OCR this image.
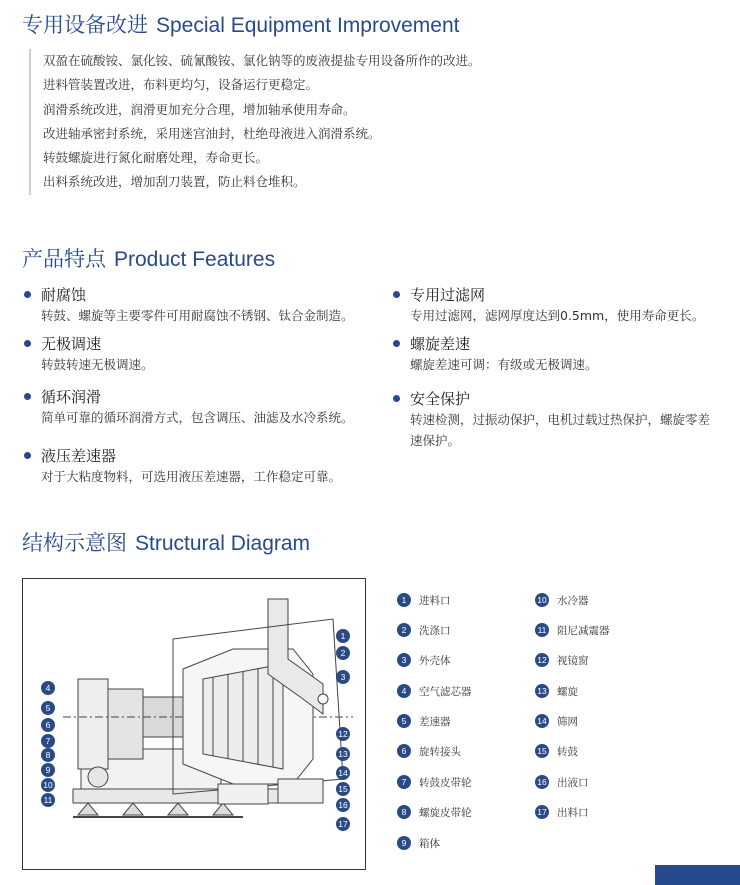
专用设备改进 Special Equipment Improvement
双盈在硫酸铵、氯化铵、硫氰酸铵、氯化钠等的废液提盐专用设备所作的改进。
进料管装置改进，布料更均匀，设备运行更稳定。
润滑系统改进，润滑更加充分合理，增加轴承使用寿命。
改进轴承密封系统，采用迷宫油封，杜绝母液进入润滑系统。
转鼓螺旋进行氮化耐磨处理，寿命更长。
出料系统改进，增加刮刀装置，防止料仓堆积。
产品特点 Product Features
耐腐蚀
转鼓、螺旋等主要零件可用耐腐蚀不锈钢、钛合金制造。
无极调速
转鼓转速无极调速。
循环润滑
简单可靠的循环润滑方式，包含调压、油滤及水冷系统。
液压差速器
对于大粘度物料，可选用液压差速器，工作稳定可靠。
专用过滤网
专用过滤网，滤网厚度达到0.5mm，使用寿命更长。
螺旋差速
螺旋差速可调：有级或无极调速。
安全保护
转速检测，过振动保护，电机过载过热保护，螺旋零差
速保护。
结构示意图 Structural Diagram
4
5
6
7
8
9
10
11
1
2
3
12
13
14
15
16
17
1	进料口
2	洗涤口
3	外壳体
4	空气滤芯器
5	差速器
6	旋转接头
7	转鼓皮带轮
8	螺旋皮带轮
9	箱体
10 水冷器
11 阻尼减震器
12 视镜窗
13 螺旋
14 筛网
15 转鼓
16 出液口
17 出料口
